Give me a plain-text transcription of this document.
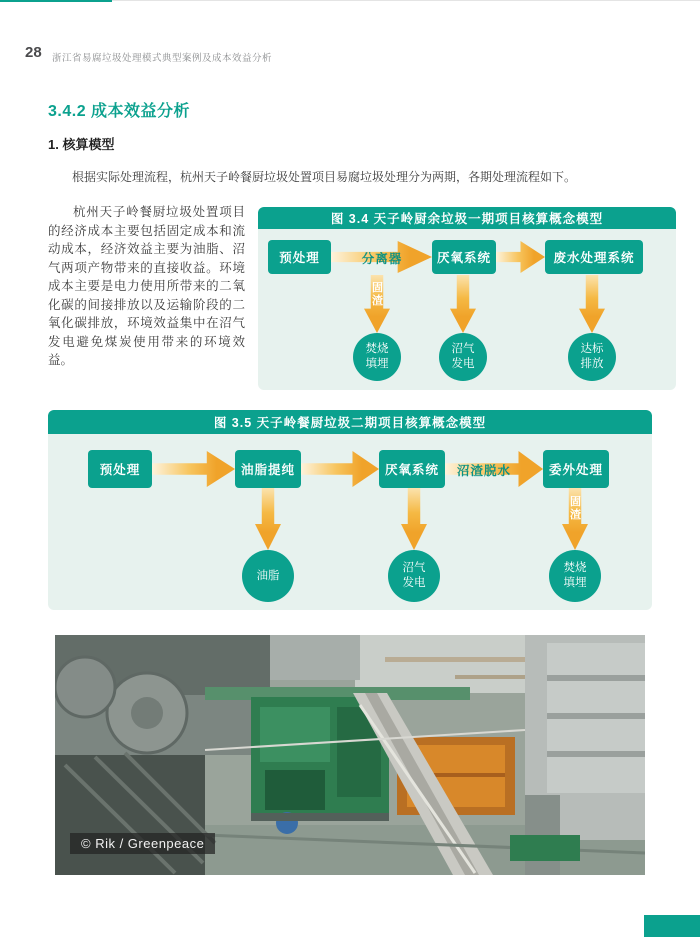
28 浙江省易腐垃圾处理模式典型案例及成本效益分析
3.4.2 成本效益分析
1. 核算模型

根据实际处理流程，杭州天子岭餐厨垃圾处置项目易腐垃圾处理分为两期，各期处理流程如下。

杭州天子岭餐厨垃圾处置项目的经济成本主要包括固定成本和流动成本，经济效益主要为油脂、沼气两项产物带来的直接收益。环境成本主要是电力使用所带来的二氧化碳的间接排放以及运输阶段的二氧化碳排放，环境效益集中在沼气发电避免煤炭使用带来的环境效益。

图 3.4 天子岭厨余垃圾一期项目核算概念模型
预处理	分离器	厌氧系统	废水处理系统
固渣
焚烧填埋
沼气发电
达标排放
图 3.5 天子岭餐厨垃圾二期项目核算概念模型
预处理	油脂提纯	厌氧系统	沼渣脱水	委外处理
固渣
油脂
沼气发电
焚烧填埋
© Rik / Greenpeace
